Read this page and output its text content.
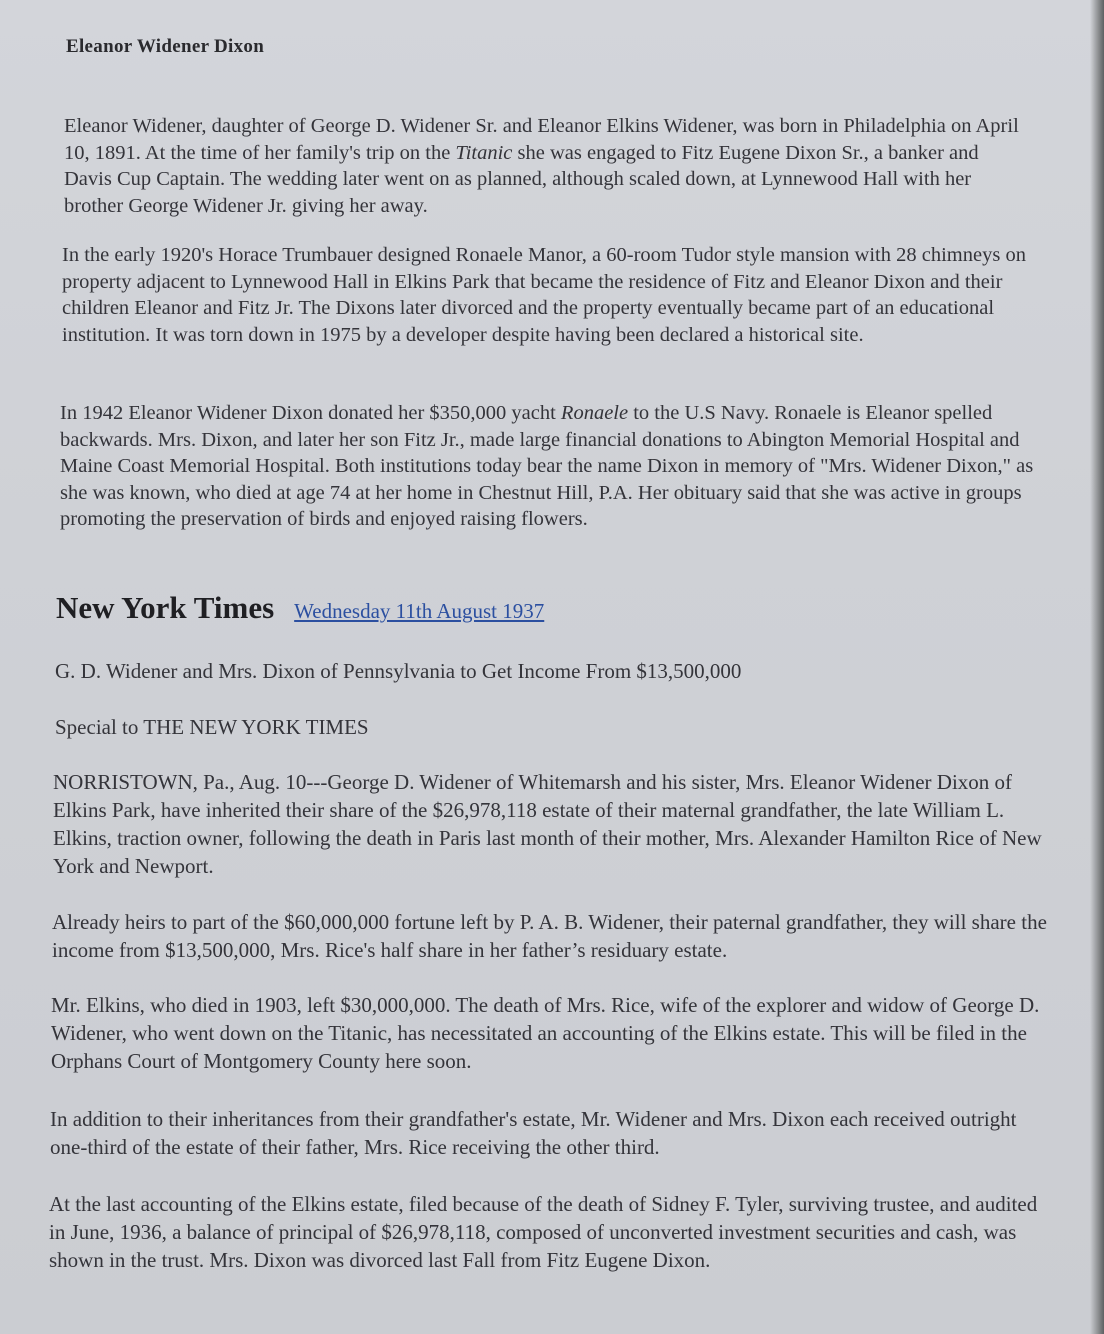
Eleanor Widener Dixon

Eleanor Widener, daughter of George D. Widener Sr. and Eleanor Elkins Widener, was born in Philadelphia on April 10, 1891. At the time of her family's trip on the Titanic she was engaged to Fitz Eugene Dixon Sr., a banker and Davis Cup Captain. The wedding later went on as planned, although scaled down, at Lynnewood Hall with her brother George Widener Jr. giving her away.

In the early 1920's Horace Trumbauer designed Ronaele Manor, a 60-room Tudor style mansion with 28 chimneys on property adjacent to Lynnewood Hall in Elkins Park that became the residence of Fitz and Eleanor Dixon and their children Eleanor and Fitz Jr. The Dixons later divorced and the property eventually became part of an educational institution. It was torn down in 1975 by a developer despite having been declared a historical site.

In 1942 Eleanor Widener Dixon donated her $350,000 yacht Ronaele to the U.S Navy. Ronaele is Eleanor spelled backwards. Mrs. Dixon, and later her son Fitz Jr., made large financial donations to Abington Memorial Hospital and Maine Coast Memorial Hospital. Both institutions today bear the name Dixon in memory of "Mrs. Widener Dixon," as she was known, who died at age 74 at her home in Chestnut Hill, P.A. Her obituary said that she was active in groups promoting the preservation of birds and enjoyed raising flowers.

New York Times Wednesday 11th August 1937

G. D. Widener and Mrs. Dixon of Pennsylvania to Get Income From $13,500,000

Special to THE NEW YORK TIMES

NORRISTOWN, Pa., Aug. 10---George D. Widener of Whitemarsh and his sister, Mrs. Eleanor Widener Dixon of Elkins Park, have inherited their share of the $26,978,118 estate of their maternal grandfather, the late William L. Elkins, traction owner, following the death in Paris last month of their mother, Mrs. Alexander Hamilton Rice of New York and Newport.

Already heirs to part of the $60,000,000 fortune left by P. A. B. Widener, their paternal grandfather, they will share the income from $13,500,000, Mrs. Rice's half share in her father’s residuary estate.

Mr. Elkins, who died in 1903, left $30,000,000. The death of Mrs. Rice, wife of the explorer and widow of George D. Widener, who went down on the Titanic, has necessitated an accounting of the Elkins estate. This will be filed in the Orphans Court of Montgomery County here soon.

In addition to their inheritances from their grandfather's estate, Mr. Widener and Mrs. Dixon each received outright one-third of the estate of their father, Mrs. Rice receiving the other third.

At the last accounting of the Elkins estate, filed because of the death of Sidney F. Tyler, surviving trustee, and audited in June, 1936, a balance of principal of $26,978,118, composed of unconverted investment securities and cash, was shown in the trust. Mrs. Dixon was divorced last Fall from Fitz Eugene Dixon.
